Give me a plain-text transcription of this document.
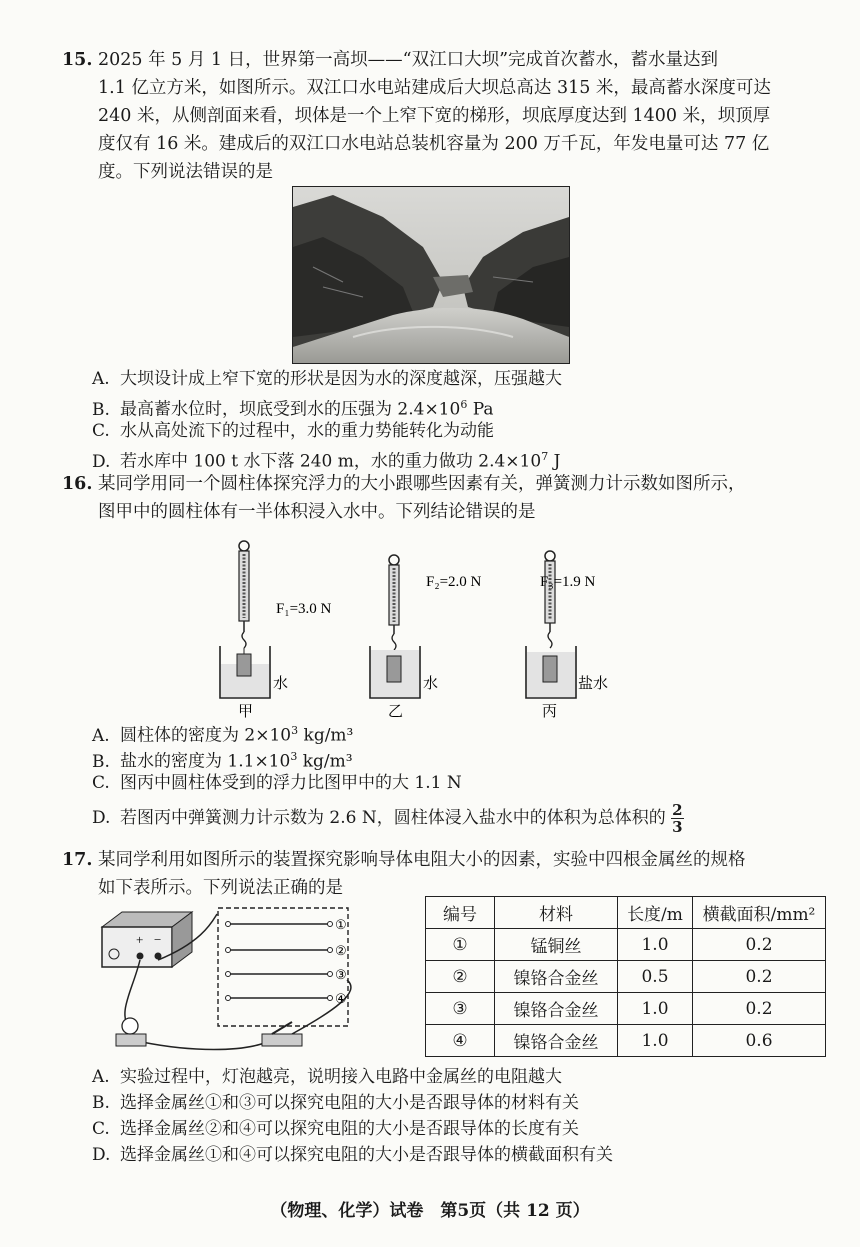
15. 2025 年 5 月 1 日，世界第一高坝——“双江口大坝”完成首次蓄水，蓄水量达到
1.1 亿立方米，如图所示。双江口水电站建成后大坝总高达 315 米，最高蓄水深度可达
240 米，从侧剖面来看，坝体是一个上窄下宽的梯形，坝底厚度达到 1400 米，坝顶厚
度仅有 16 米。建成后的双江口水电站总装机容量为 200 万千瓦，年发电量可达 77 亿
度。下列说法错误的是
A. 大坝设计成上窄下宽的形状是因为水的深度越深，压强越大
B. 最高蓄水位时，坝底受到水的压强为 $2.4\times 10^6$ Pa
C. 水从高处流下的过程中，水的重力势能转化为动能
D. 若水库中 100 t 水下落 240 m，水的重力做功 $2.4\times 10^7$ J
16. 某同学用同一个圆柱体探究浮力的大小跟哪些因素有关，弹簧测力计示数如图所示，
图甲中的圆柱体有一半体积浸入水中。下列结论错误的是
F₁=3.0 N
水
甲
F₂=2.0 N
水
乙
F₃=1.9 N
盐水
丙
A. 圆柱体的密度为 $2\times 10^3$ kg/m³
B. 盐水的密度为 $1.1\times 10^3$ kg/m³
C. 图丙中圆柱体受到的浮力比图甲中的大 1.1 N
D. 若图丙中弹簧测力计示数为 2.6 N，圆柱体浸入盐水中的体积为总体积的 $\frac{2}{3}$
17. 某同学利用如图所示的装置探究影响导体电阻大小的因素，实验中四根金属丝的规格
如下表所示。下列说法正确的是
+ −
①
②
③
④
编号	材料	长度/m	横截面积/mm²
①	锰铜丝	1.0	0.2
②	镍铬合金丝	0.5	0.2
③	镍铬合金丝	1.0	0.2
④	镍铬合金丝	1.0	0.6
A. 实验过程中，灯泡越亮，说明接入电路中金属丝的电阻越大
B. 选择金属丝①和③可以探究电阻的大小是否跟导体的材料有关
C. 选择金属丝②和④可以探究电阻的大小是否跟导体的长度有关
D. 选择金属丝①和④可以探究电阻的大小是否跟导体的横截面积有关
（物理、化学）试卷　第5页（共 12 页）
